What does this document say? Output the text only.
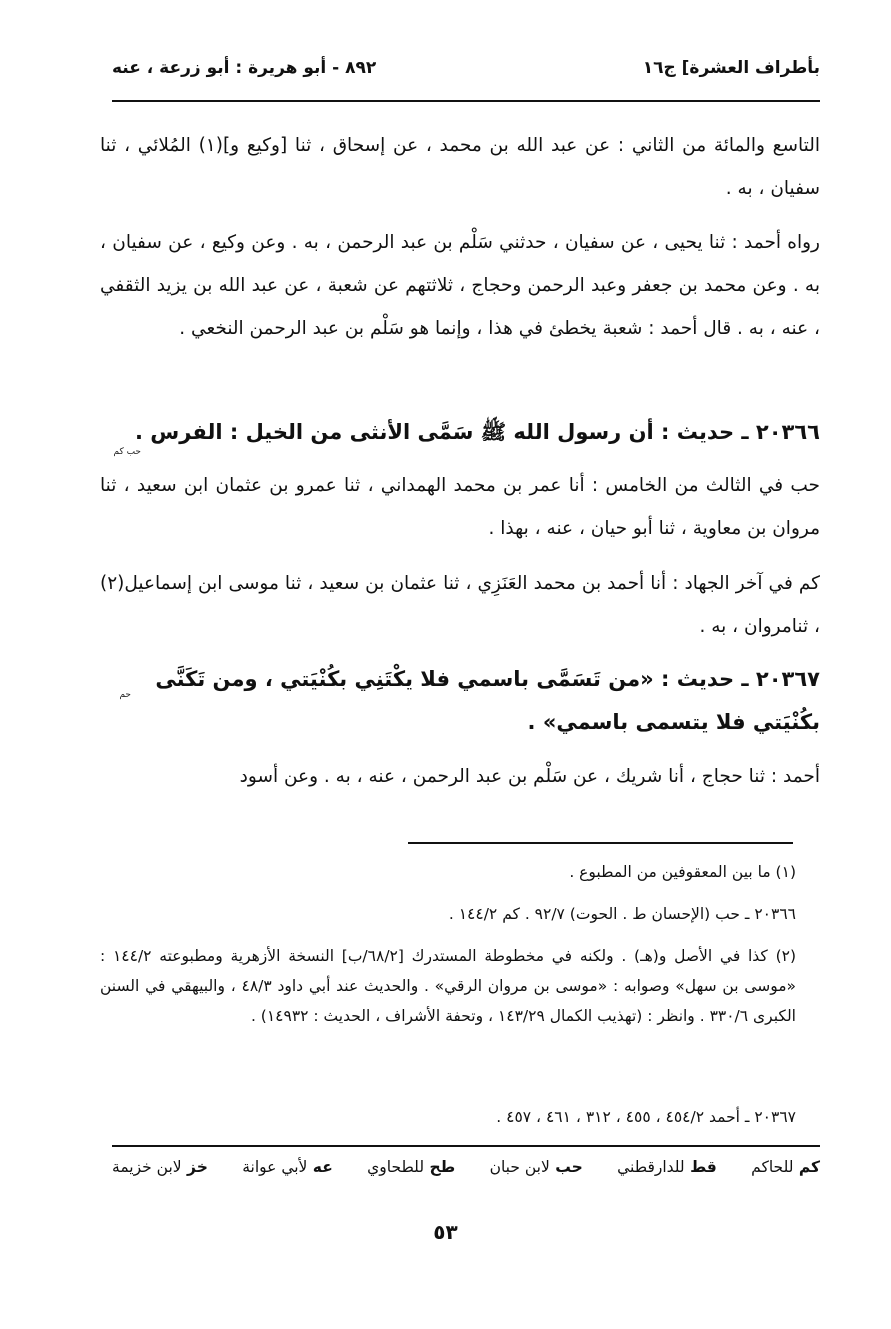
بأطراف العشرة] ج١٦
٨٩٢ - أبو هريرة : أبو زرعة ، عنه
التاسع والمائة من الثاني : عن عبد الله بن محمد ، عن إسحاق ، ثنا [وكيع و](١) المُلائي ، ثنا سفيان ، به .
رواه أحمد : ثنا يحيى ، عن سفيان ، حدثني سَلْم بن عبد الرحمن ، به . وعن وكيع ، عن سفيان ، به . وعن محمد بن جعفر وعبد الرحمن وحجاج ، ثلاثتهم عن شعبة ، عن عبد الله بن يزيد الثقفي ، عنه ، به . قال أحمد : شعبة يخطئ في هذا ، وإنما هو سَلْم بن عبد الرحمن النخعي .
٢٠٣٦٦ ـ حديث : أن رسول الله ﷺ سَمَّى الأنثى من الخيل : الفرس .
حب كم
حب في الثالث من الخامس : أنا عمر بن محمد الهمداني ، ثنا عمرو بن عثمان ابن سعيد ، ثنا مروان بن معاوية ، ثنا أبو حيان ، عنه ، بهذا .
كم في آخر الجهاد : أنا أحمد بن محمد العَنَزِي ، ثنا عثمان بن سعيد ، ثنا موسى ابن إسماعيل(٢) ، ثنامروان ، به .
٢٠٣٦٧ ـ حديث : «من تَسَمَّى باسمي فلا يكْتَنِي بكُنْيَتي ، ومن تَكَنَّى بكُنْيَتي فلا يتسمى باسمي» .
حم
أحمد : ثنا حجاج ، أنا شريك ، عن سَلْم بن عبد الرحمن ، عنه ، به . وعن أسود
(١) ما بين المعقوفين من المطبوع .
٢٠٣٦٦ ـ حب (الإحسان ط . الحوت) ٩٢/٧ . كم ١٤٤/٢ .
(٢) كذا في الأصل و(هـ) . ولكنه في مخطوطة المستدرك [٦٨/٢/ب] النسخة الأزهرية ومطبوعته ١٤٤/٢ : «موسى بن سهل» وصوابه : «موسى بن مروان الرقي» . والحديث عند أبي داود ٤٨/٣ ، والبيهقي في السنن الكبرى ٣٣٠/٦ . وانظر : (تهذيب الكمال ١٤٣/٢٩ ، وتحفة الأشراف ، الحديث : ١٤٩٣٢) .
٢٠٣٦٧ ـ أحمد ٤٥٤/٢ ، ٤٥٥ ، ٣١٢ ، ٤٦١ ، ٤٥٧ .
خز لابن خزيمة	عه لأبي عوانة	طح للطحاوي	حب لابن حبان	قط للدارقطني	كم للحاكم
٥٣
